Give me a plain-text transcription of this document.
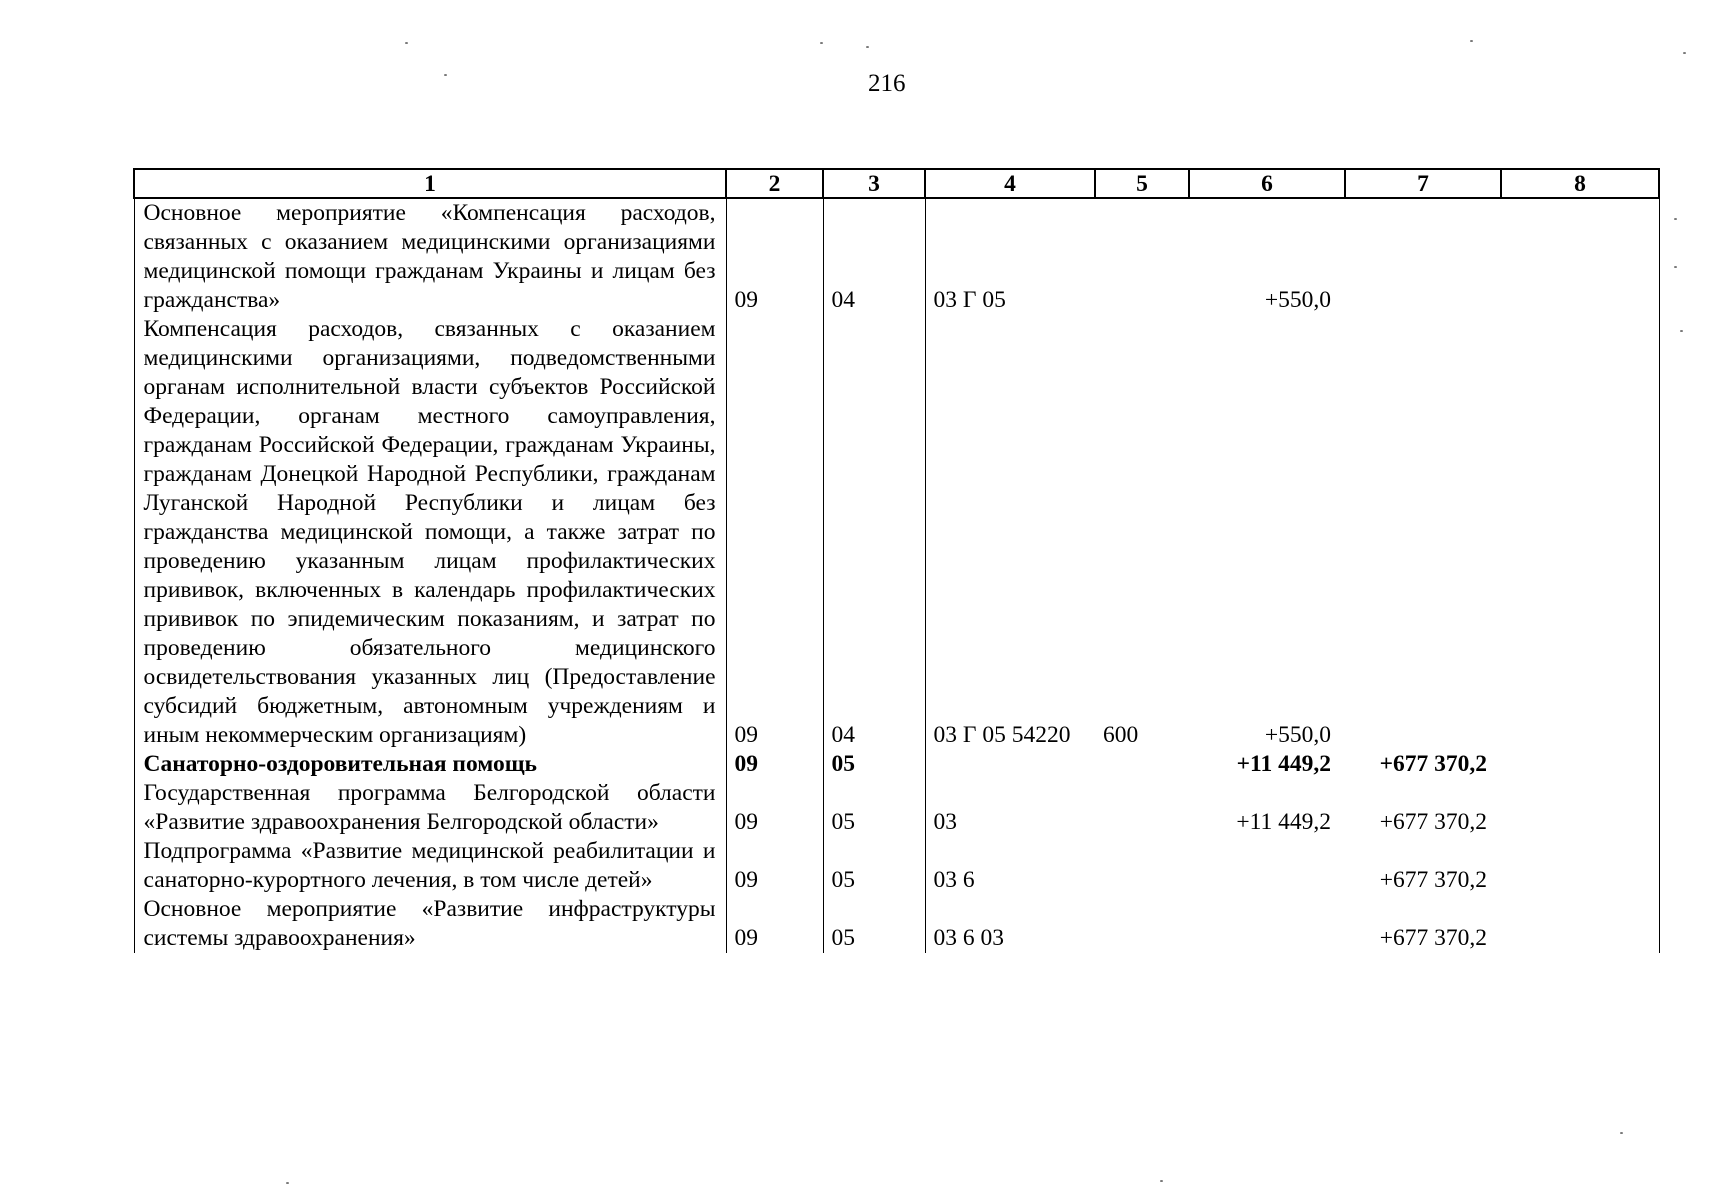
216
1	2	3	4	5	6	7	8
Основное мероприятие «Компенсация расходов, связанных с оказанием медицинскими организациями медицинской помощи гражданам Украины и лицам без гражданства»	09	04	03 Г 05		+550,0		
Компенсация расходов, связанных с оказанием медицинскими организациями, подведомственными органам исполнительной власти субъектов Российской Федерации, органам местного самоуправления, гражданам Российской Федерации, гражданам Украины, гражданам Донецкой Народной Республики, гражданам Луганской Народной Республики и лицам без гражданства медицинской помощи, а также затрат по проведению указанным лицам профилактических прививок, включенных в календарь профилактических прививок по эпидемическим показаниям, и затрат по проведению обязательного медицинского освидетельствования указанных лиц (Предоставление субсидий бюджетным, автономным учреждениям и иным некоммерческим организациям)	09	04	03 Г 05 54220	600	+550,0		
Санаторно-оздоровительная помощь	09	05			+11 449,2	+677 370,2	
Государственная программа Белгородской области «Развитие здравоохранения Белгородской области»	09	05	03		+11 449,2	+677 370,2	
Подпрограмма «Развитие медицинской реабилитации и санаторно-курортного лечения, в том числе детей»	09	05	03 6			+677 370,2	
Основное мероприятие «Развитие инфраструктуры системы здравоохранения»	09	05	03 6 03			+677 370,2	
